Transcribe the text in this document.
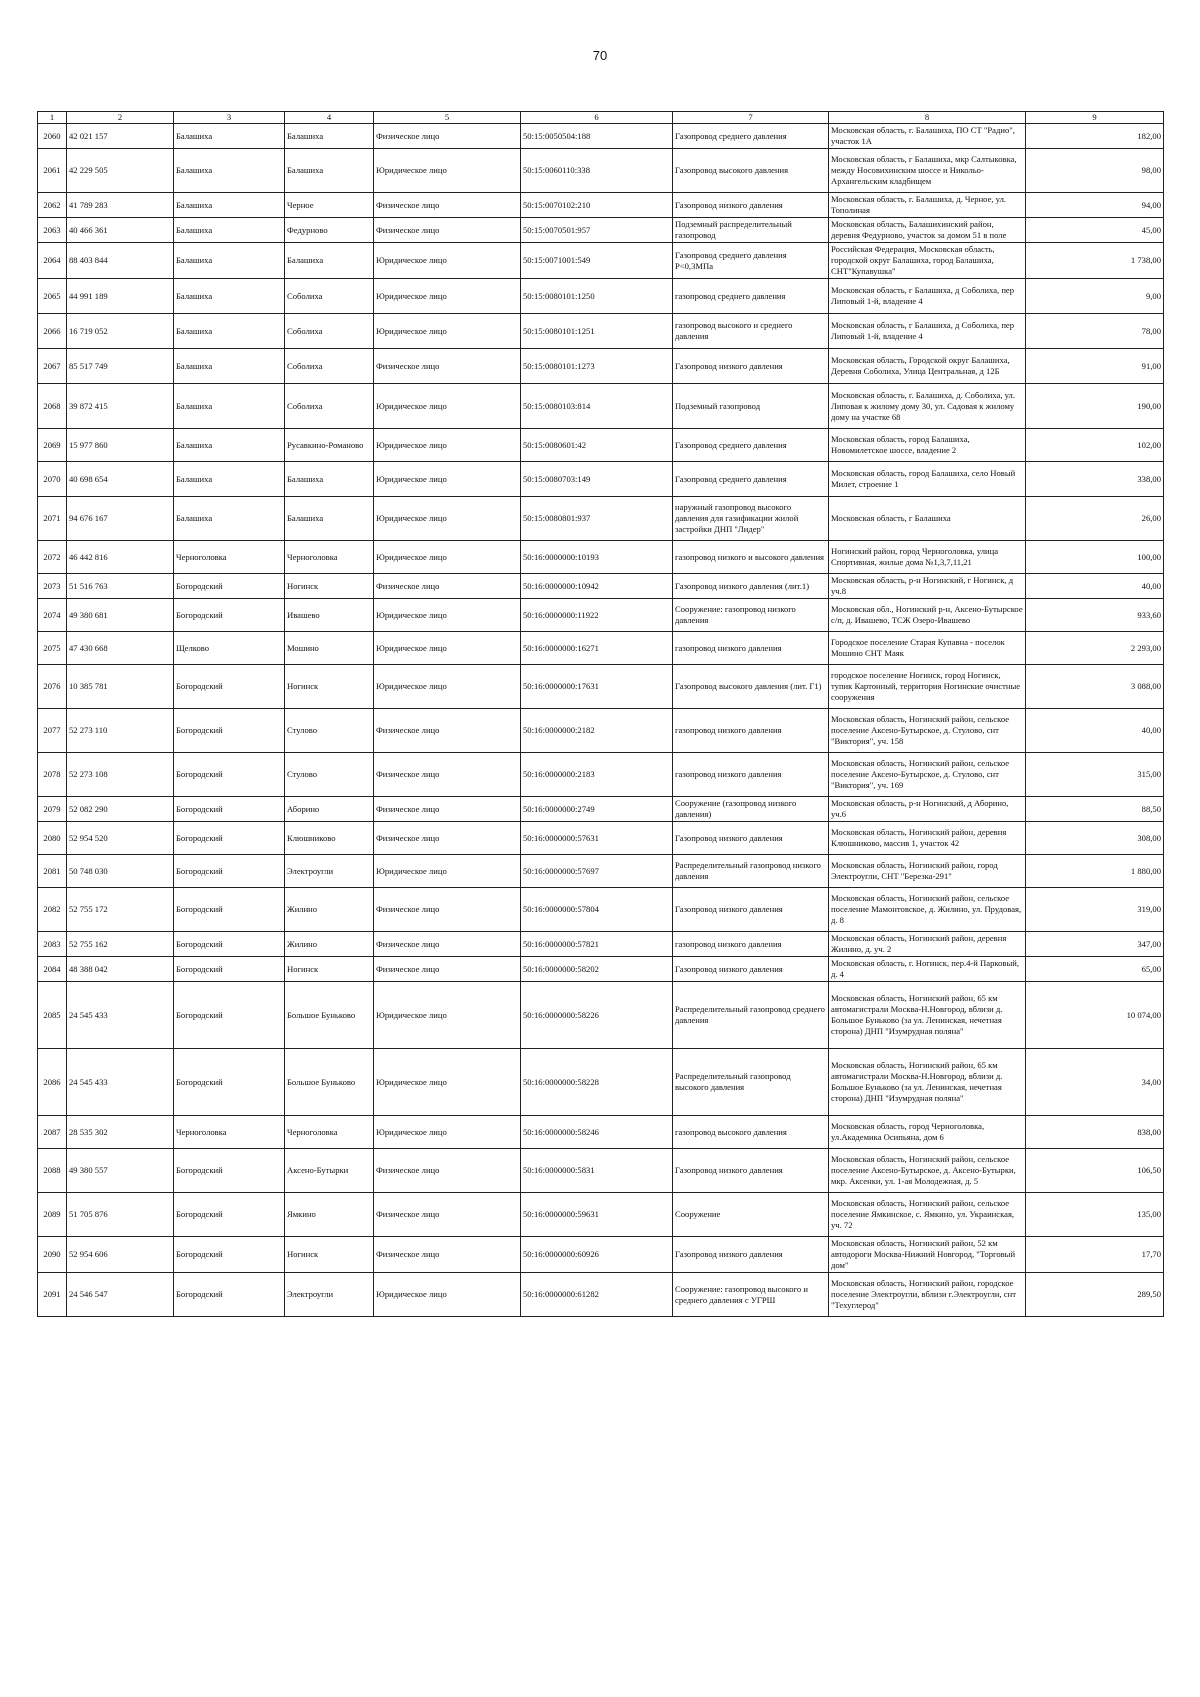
70
1	2	3	4	5	6	7	8	9
2060	42 021 157	Балашиха	Балашиха	Физическое лицо	50:15:0050504:188	Газопровод среднего давления	Московская область, г. Балашиха, ПО СТ "Радио", участок 1А	182,00
2061	42 229 505	Балашиха	Балашиха	Юридическое лицо	50:15:0060110:338	Газопровод высокого давления	Московская область, г Балашиха, мкр Салтыковка, между Носовихинским шоссе и Никольо-Архангельским кладбищем	98,00
2062	41 789 283	Балашиха	Черное	Физическое лицо	50:15:0070102:210	Газопровод низкого давления	Московская область, г. Балашиха, д. Черное, ул. Тополиная	94,00
2063	40 466 361	Балашиха	Федурново	Физическое лицо	50:15:0070501:957	Подземный распределительный газопровод	Московская область, Балашихинский район, деревня Федурново, участок за домом 51 в поле	45,00
2064	88 403 844	Балашиха	Балашиха	Юридическое лицо	50:15:0071001:549	Газопровод среднего давления P<0,3МПа	Российская Федерация, Московская область, городской округ Балашиха, город Балашиха, СНТ"Купавушка"	1 738,00
2065	44 991 189	Балашиха	Соболиха	Юридическое лицо	50:15:0080101:1250	газопровод среднего давления	Московская область, г Балашиха, д Соболиха, пер Липовый 1-й, владение 4	9,00
2066	16 719 052	Балашиха	Соболиха	Юридическое лицо	50:15:0080101:1251	газопровод высокого и среднего давления	Московская область, г Балашиха, д Соболиха, пер Липовый 1-й, владение 4	78,00
2067	85 517 749	Балашиха	Соболиха	Физическое лицо	50:15:0080101:1273	Газопровод низкого давления	Московская область, Городской округ Балашиха, Деревня Соболиха, Улица Центральная, д 12Б	91,00
2068	39 872 415	Балашиха	Соболиха	Юридическое лицо	50:15:0080103:814	Подземный газопровод	Московская область, г. Балашиха, д. Соболиха, ул. Липовая к жилому дому 30, ул. Садовая к жилому дому на участке 68	190,00
2069	15 977 860	Балашиха	Русавкино-Романово	Юридическое лицо	50:15:0080601:42	Газопровод среднего давления	Московская область, город Балашиха, Новомилетское шоссе, владение 2	102,00
2070	40 698 654	Балашиха	Балашиха	Юридическое лицо	50:15:0080703:149	Газопровод среднего давления	Московская область, город Балашиха, село Новый Милет, строение 1	338,00
2071	94 676 167	Балашиха	Балашиха	Юридическое лицо	50:15:0080801:937	наружный газопровод высокого давления для газификации жилой застройки ДНП "Лидер"	Московская область, г Балашиха	26,00
2072	46 442 816	Черноголовка	Черноголовка	Юридическое лицо	50:16:0000000:10193	газопровод низкого и высокого давления	Ногинский район, город Черноголовка, улица Спортивная, жилые дома №1,3,7,11,21	100,00
2073	51 516 763	Богородский	Ногинск	Физическое лицо	50:16:0000000:10942	Газопровод низкого давления (лит.1)	Московская область, р-н Ногинский, г Ногинск, д уч.8	40,00
2074	49 380 681	Богородский	Ивашево	Юридическое лицо	50:16:0000000:11922	Сооружение: газопровод низкого давления	Московская обл., Ногинский р-н, Аксено-Бутырское с/п, д. Ивашево, ТСЖ Озеро-Ивашево	933,60
2075	47 430 668	Щелково	Мошино	Юридическое лицо	50:16:0000000:16271	газопровод низкого давления	Городское поселение Старая Купавна - поселок Мошино СНТ Маяк	2 293,00
2076	10 385 781	Богородский	Ногинск	Юридическое лицо	50:16:0000000:17631	Газопровод высокого давления (лит. Г1)	городское поселение Ногинск, город Ногинск, тупик Картонный, территория Ногинские очистные сооружения	3 088,00
2077	52 273 110	Богородский	Стулово	Физическое лицо	50:16:0000000:2182	газопровод низкого давления	Московская область, Ногинский район, сельское поселение Аксено-Бутырское, д. Стулово, снт "Виктория", уч. 158	40,00
2078	52 273 108	Богородский	Стулово	Физическое лицо	50:16:0000000:2183	газопровод низкого давления	Московская область, Ногинский район, сельское поселение Аксено-Бутырское, д. Стулово, снт "Виктория", уч. 169	315,00
2079	52 082 290	Богородский	Аборино	Физическое лицо	50:16:0000000:2749	Сооружение (газопровод низкого давления)	Московская область, р-н Ногинский, д Аборино, уч.6	88,50
2080	52 954 520	Богородский	Клюшниково	Физическое лицо	50:16:0000000:57631	Газопровод низкого давления	Московская область, Ногинский район, деревня Клюшниково, массив 1, участок 42	308,00
2081	50 748 030	Богородский	Электроугли	Юридическое лицо	50:16:0000000:57697	Распределительный газопровод низкого давления	Московская область, Ногинский район, город Электроугли, СНТ "Березка-291"	1 880,00
2082	52 755 172	Богородский	Жилино	Физическое лицо	50:16:0000000:57804	Газопровод низкого давления	Московская область, Ногинский район, сельское поселение Мамонтовское, д. Жилино, ул. Прудовая, д. 8	319,00
2083	52 755 162	Богородский	Жилино	Физическое лицо	50:16:0000000:57821	газопровод низкого давления	Московская область, Ногинский район, деревня Жилино, д. уч. 2	347,00
2084	48 388 042	Богородский	Ногинск	Физическое лицо	50:16:0000000:58202	Газопровод низкого давления	Московская область, г. Ногинск, пер.4-й Парковый, д. 4	65,00
2085	24 545 433	Богородский	Большое Буньково	Юридическое лицо	50:16:0000000:58226	Распределительный газопровод среднего давления	Московская область, Ногинский район, 65 км автомагистрали Москва-Н.Новгород, вблизи д. Большое Буньково (за ул. Ленинская, нечетная сторона) ДНП "Изумрудная поляна"	10 074,00
2086	24 545 433	Богородский	Большое Буньково	Юридическое лицо	50:16:0000000:58228	Распределительный газопровод высокого давления	Московская область, Ногинский район, 65 км автомагистрали Москва-Н.Новгород, вблизи д. Большое Буньково (за ул. Ленинская, нечетная сторона) ДНП "Изумрудная поляна"	34,00
2087	28 535 302	Черноголовка	Черноголовка	Юридическое лицо	50:16:0000000:58246	газопровод высокого давления	Московская область, город Черноголовка, ул.Академика Осипьяна, дом 6	838,00
2088	49 380 557	Богородский	Аксено-Бутырки	Физическое лицо	50:16:0000000:5831	Газопровод низкого давления	Московская область, Ногинский район, сельское поселение Аксено-Бутырское, д. Аксено-Бутырки, мкр. Аксенки, ул. 1-ая Молодежная, д. 5	106,50
2089	51 705 876	Богородский	Ямкино	Физическое лицо	50:16:0000000:59631	Сооружение	Московская область, Ногинский район, сельское поселение Ямкинское, с. Ямкино, ул. Украинская, уч. 72	135,00
2090	52 954 606	Богородский	Ногинск	Физическое лицо	50:16:0000000:60926	Газопровод низкого давления	Московская область, Ногинский район, 52 км автодороги Москва-Нижний Новгород, "Торговый дом"	17,70
2091	24 546 547	Богородский	Электроугли	Юридическое лицо	50:16:0000000:61282	Сооружение: газопровод высокого и среднего давления с УГРШ	Московская область, Ногинский район, городское поселение Электроугли, вблизи г.Электроугли, снт "Техуглерод"	289,50
